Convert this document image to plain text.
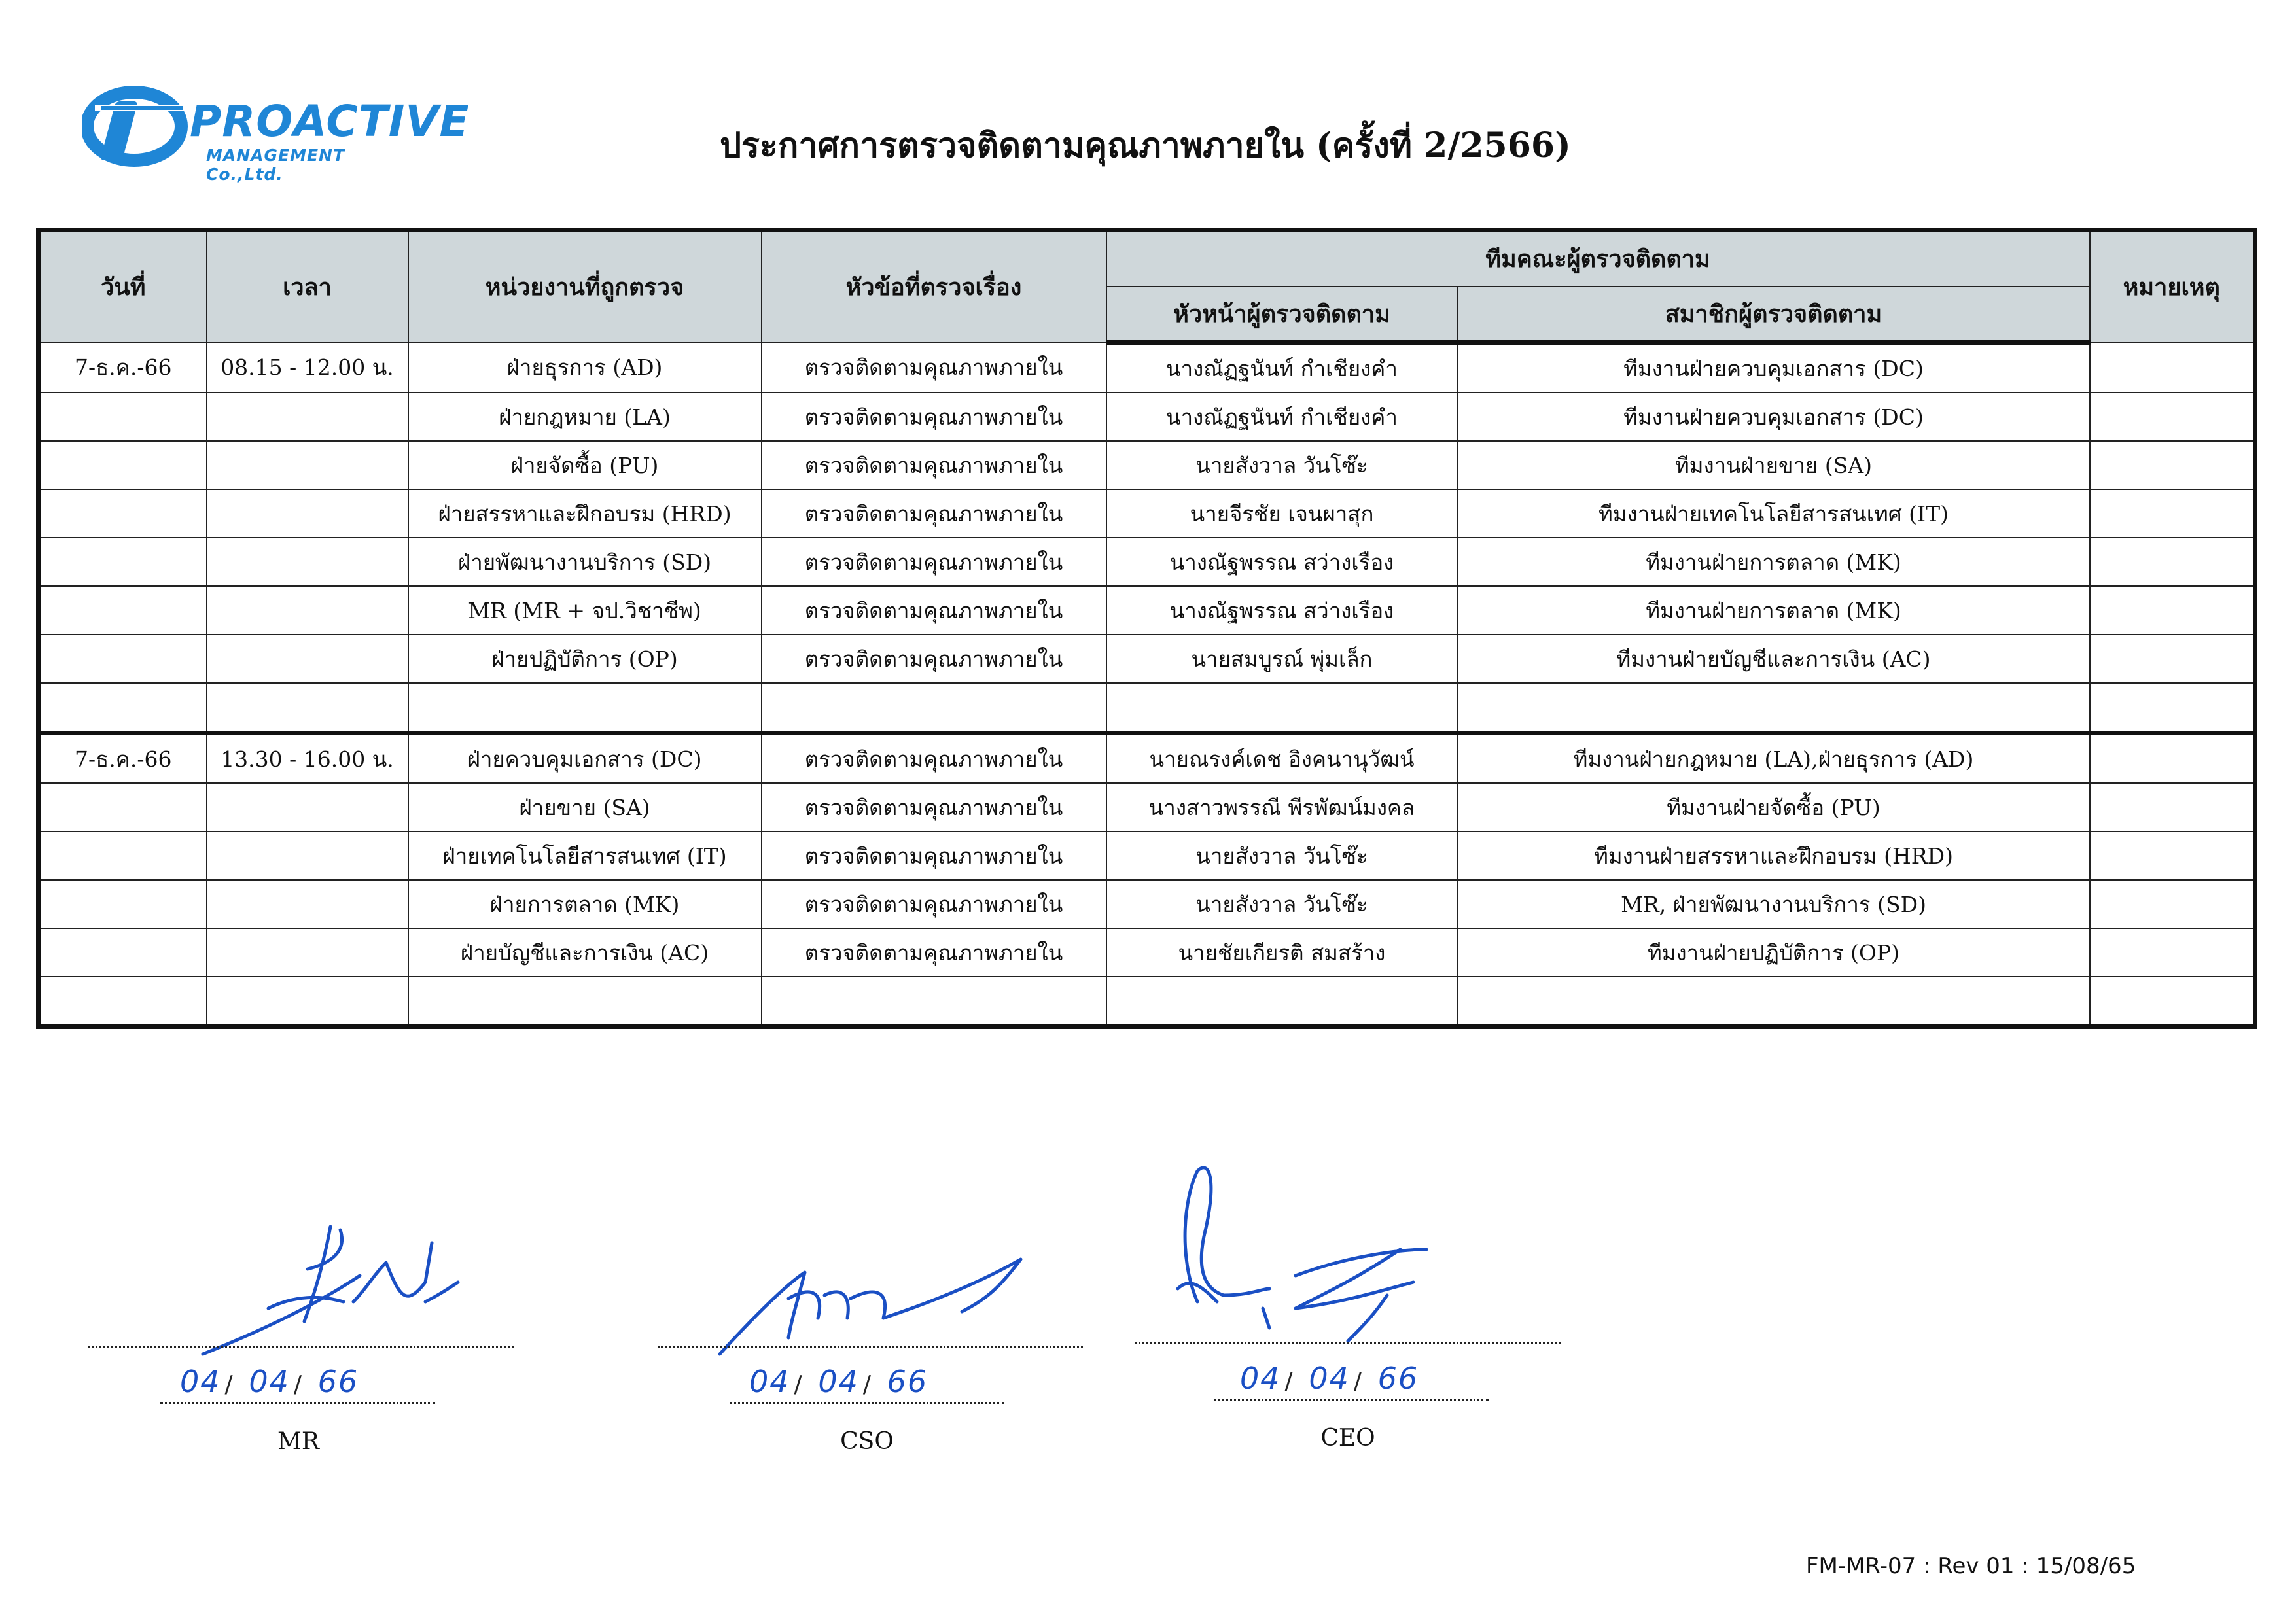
PROACTIVE
MANAGEMENT Co.,Ltd.
ประกาศการตรวจติดตามคุณภาพภายใน (ครั้งที่ 2/2566)
วันที่	เวลา	หน่วยงานที่ถูกตรวจ	หัวข้อที่ตรวจเรื่อง	ทีมคณะผู้ตรวจติดตาม		หมายเหตุ
				หัวหน้าผู้ตรวจติดตาม	สมาชิกผู้ตรวจติดตาม	
7-ธ.ค.-66	08.15 - 12.00 น.	ฝ่ายธุรการ (AD)	ตรวจติดตามคุณภาพภายใน	นางณัฏฐนันท์ กำเชียงคำ	ทีมงานฝ่ายควบคุมเอกสาร (DC)	
		ฝ่ายกฎหมาย (LA)	ตรวจติดตามคุณภาพภายใน	นางณัฏฐนันท์ กำเชียงคำ	ทีมงานฝ่ายควบคุมเอกสาร (DC)	
		ฝ่ายจัดซื้อ (PU)	ตรวจติดตามคุณภาพภายใน	นายสังวาล วันโซ๊ะ	ทีมงานฝ่ายขาย (SA)	
		ฝ่ายสรรหาและฝึกอบรม (HRD)	ตรวจติดตามคุณภาพภายใน	นายจีรชัย เจนผาสุก	ทีมงานฝ่ายเทคโนโลยีสารสนเทศ (IT)	
		ฝ่ายพัฒนางานบริการ (SD)	ตรวจติดตามคุณภาพภายใน	นางณัฐพรรณ สว่างเรือง	ทีมงานฝ่ายการตลาด (MK)	
		MR (MR + จป.วิชาชีพ)	ตรวจติดตามคุณภาพภายใน	นางณัฐพรรณ สว่างเรือง	ทีมงานฝ่ายการตลาด (MK)	
		ฝ่ายปฏิบัติการ (OP)	ตรวจติดตามคุณภาพภายใน	นายสมบูรณ์ พุ่มเล็ก	ทีมงานฝ่ายบัญชีและการเงิน (AC)	

7-ธ.ค.-66	13.30 - 16.00 น.	ฝ่ายควบคุมเอกสาร (DC)	ตรวจติดตามคุณภาพภายใน	นายณรงค์เดช อิงคนานุวัฒน์	ทีมงานฝ่ายกฎหมาย (LA),ฝ่ายธุรการ (AD)	
		ฝ่ายขาย (SA)	ตรวจติดตามคุณภาพภายใน	นางสาวพรรณี พีรพัฒน์มงคล	ทีมงานฝ่ายจัดซื้อ (PU)	
		ฝ่ายเทคโนโลยีสารสนเทศ (IT)	ตรวจติดตามคุณภาพภายใน	นายสังวาล วันโซ๊ะ	ทีมงานฝ่ายสรรหาและฝึกอบรม (HRD)	
		ฝ่ายการตลาด (MK)	ตรวจติดตามคุณภาพภายใน	นายสังวาล วันโซ๊ะ	MR, ฝ่ายพัฒนางานบริการ (SD)	
		ฝ่ายบัญชีและการเงิน (AC)	ตรวจติดตามคุณภาพภายใน	นายชัยเกียรติ สมสร้าง	ทีมงานฝ่ายปฏิบัติการ (OP)	

04 / 04 / 66
MR
04 / 04 / 66
CSO
04 / 04 / 66
CEO
FM-MR-07 : Rev 01 : 15/08/65
